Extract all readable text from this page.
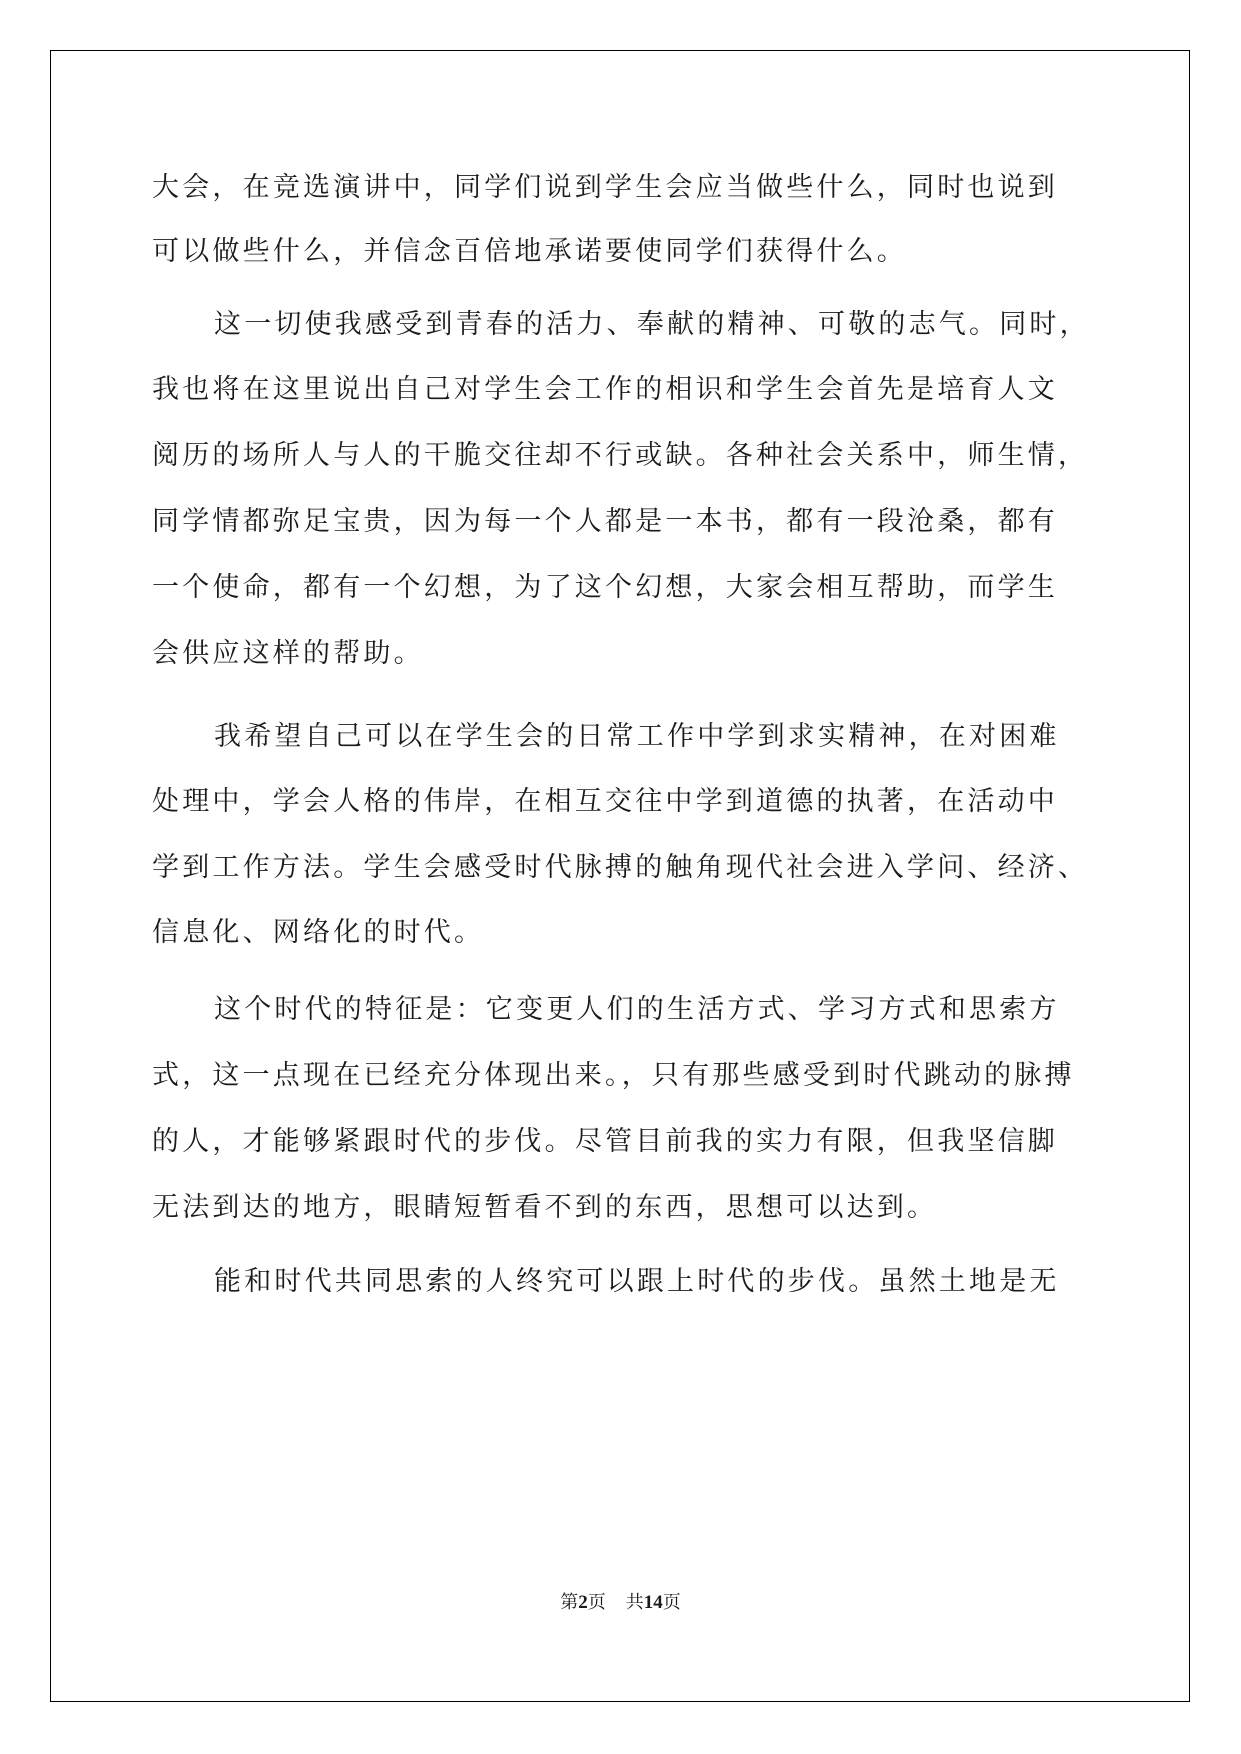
大会，在竞选演讲中，同学们说到学生会应当做些什么，同时也说到

可以做些什么，并信念百倍地承诺要使同学们获得什么。

这一切使我感受到青春的活力、奉献的精神、可敬的志气。同时，

我也将在这里说出自己对学生会工作的相识和学生会首先是培育人文

阅历的场所人与人的干脆交往却不行或缺。各种社会关系中，师生情，

同学情都弥足宝贵，因为每一个人都是一本书，都有一段沧桑，都有

一个使命，都有一个幻想，为了这个幻想，大家会相互帮助，而学生

会供应这样的帮助。

我希望自己可以在学生会的日常工作中学到求实精神，在对困难

处理中，学会人格的伟岸，在相互交往中学到道德的执著，在活动中

学到工作方法。学生会感受时代脉搏的触角现代社会进入学问、经济、

信息化、网络化的时代。

这个时代的特征是：它变更人们的生活方式、学习方式和思索方

式，这一点现在已经充分体现出来。，只有那些感受到时代跳动的脉搏

的人，才能够紧跟时代的步伐。尽管目前我的实力有限，但我坚信脚

无法到达的地方，眼睛短暂看不到的东西，思想可以达到。

能和时代共同思索的人终究可以跟上时代的步伐。虽然土地是无

第2页 共14页
